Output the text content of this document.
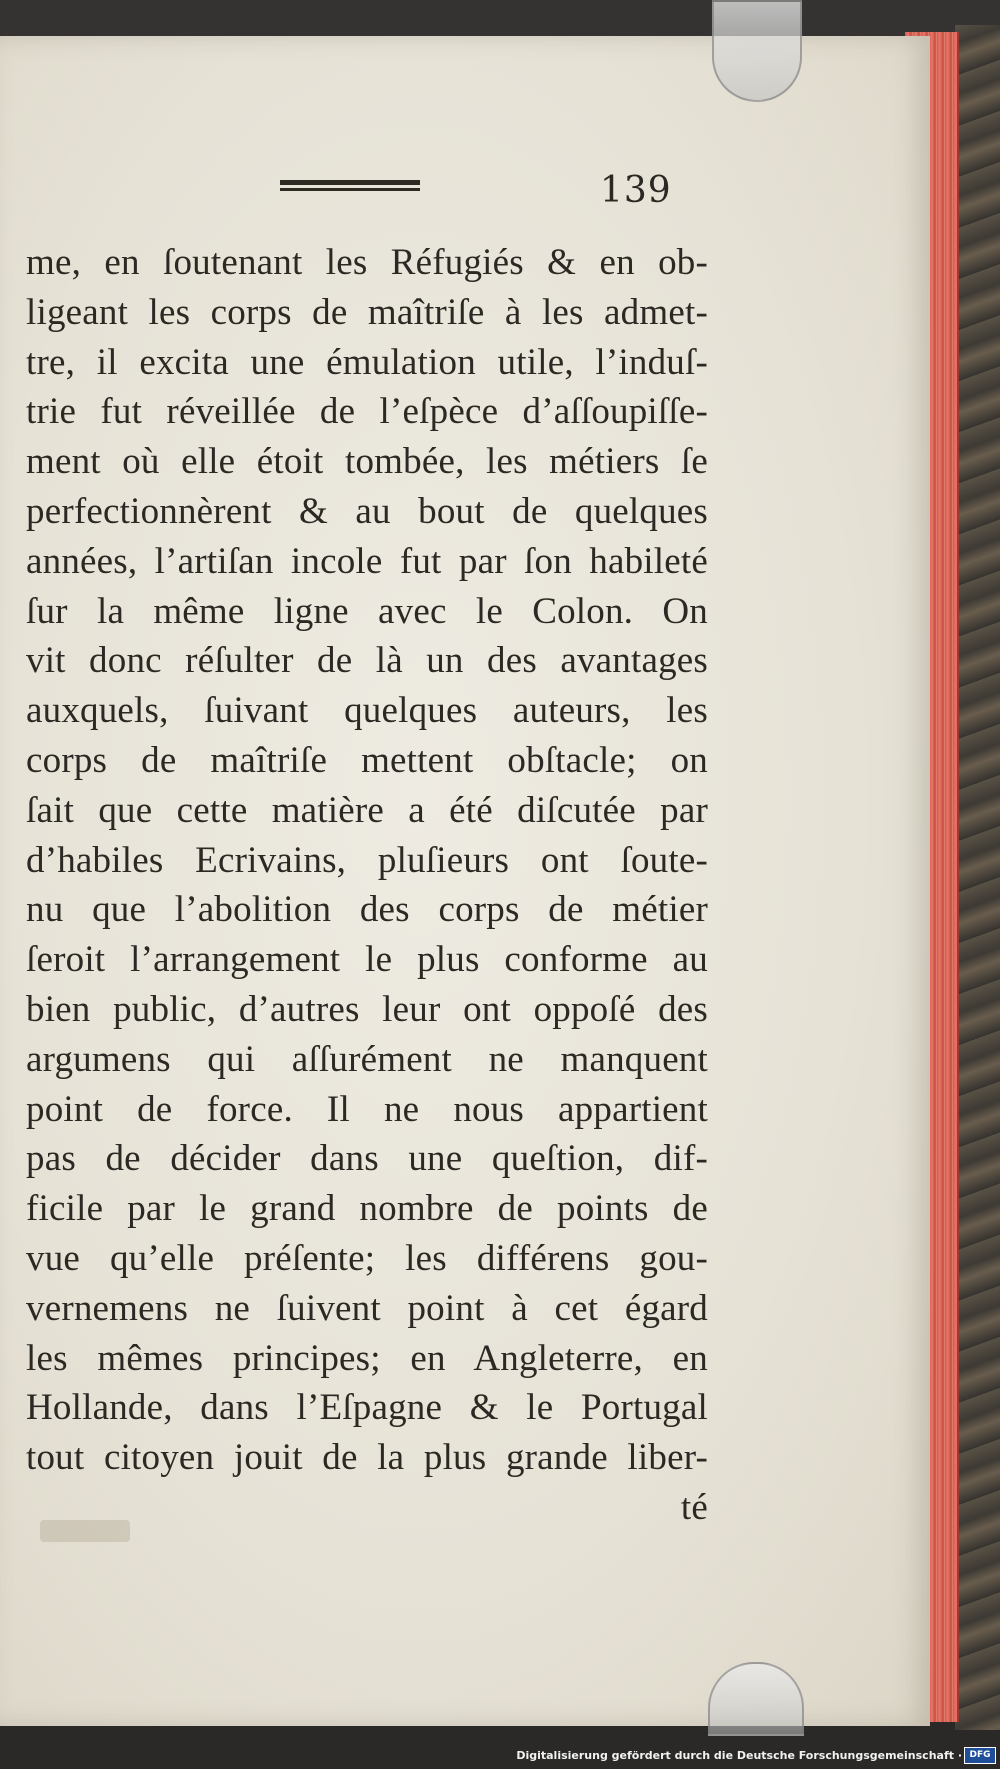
139
me, en ſoutenant les Réfugiés & en ob-
ligeant les corps de maîtriſe à les admet-
tre, il excita une émulation utile, l’induſ-
trie fut réveillée de l’eſpèce d’aſſoupiſſe-
ment où elle étoit tombée, les métiers ſe
perfectionnèrent & au bout de quelques
années, l’artiſan incole fut par ſon habileté
ſur la même ligne avec le Colon. On
vit donc réſulter de là un des avantages
auxquels, ſuivant quelques auteurs, les
corps de maîtriſe mettent obſtacle; on
ſait que cette matière a été diſcutée par
d’habiles Ecrivains, pluſieurs ont ſoute-
nu que l’abolition des corps de métier
ſeroit l’arrangement le plus conforme au
bien public, d’autres leur ont oppoſé des
argumens qui aſſurément ne manquent
point de force. Il ne nous appartient
pas de décider dans une queſtion, dif-
ficile par le grand nombre de points de
vue qu’elle préſente; les différens gou-
vernemens ne ſuivent point à cet égard
les mêmes principes; en Angleterre, en
Hollande, dans l’Eſpagne & le Portugal
tout citoyen jouit de la plus grande liber-
té
Digitalisierung gefördert durch die Deutsche Forschungsgemeinschaft · DFG
